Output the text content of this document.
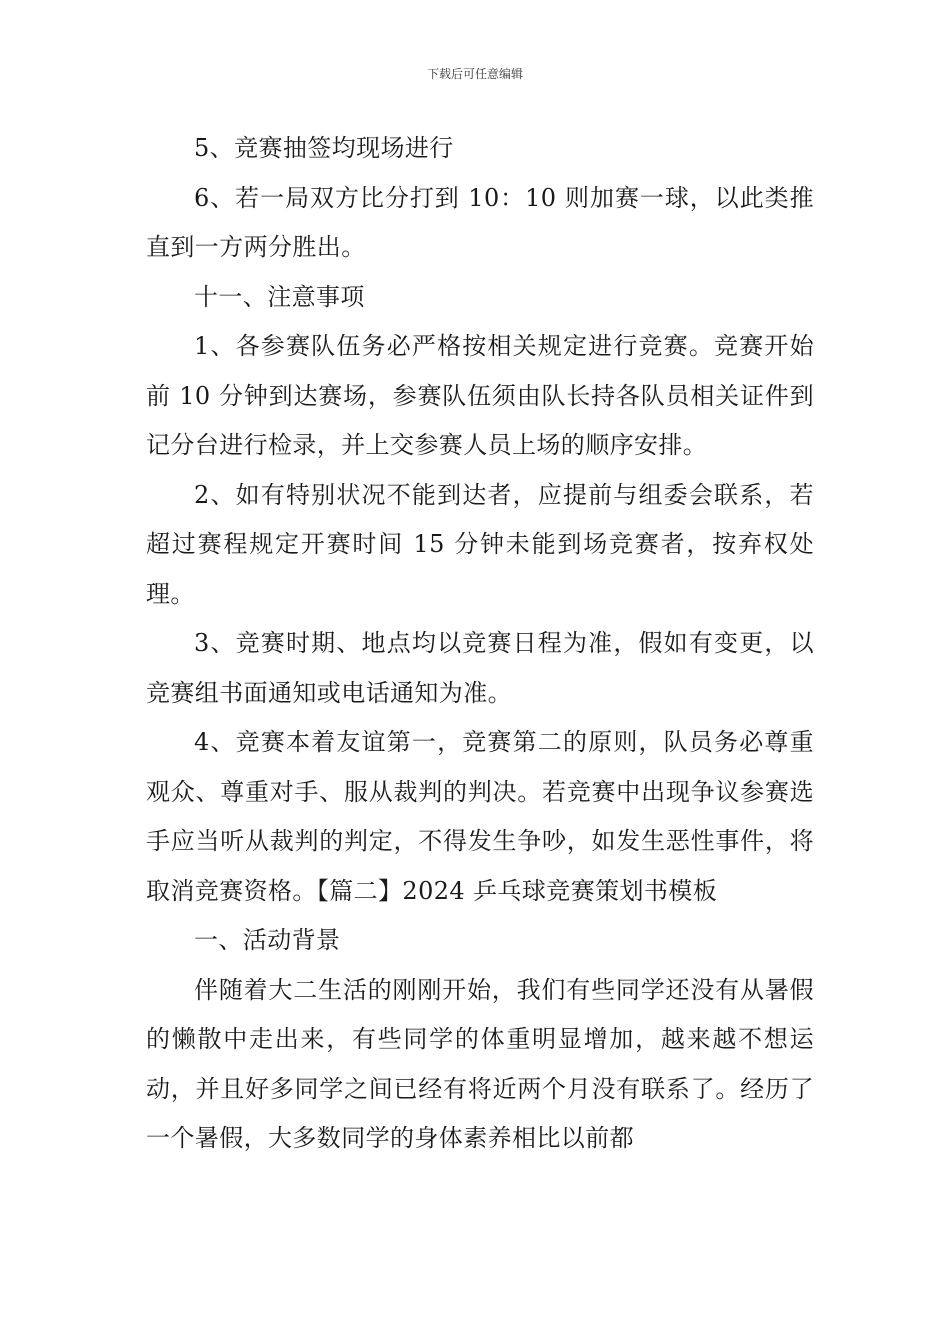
下载后可任意编辑

5、竞赛抽签均现场进行

6、若一局双方比分打到 10：10 则加赛一球，以此类推直到一方两分胜出。

十一、注意事项

1、各参赛队伍务必严格按相关规定进行竞赛。竞赛开始前 10 分钟到达赛场，参赛队伍须由队长持各队员相关证件到记分台进行检录，并上交参赛人员上场的顺序安排。

2、如有特别状况不能到达者，应提前与组委会联系，若超过赛程规定开赛时间 15 分钟未能到场竞赛者，按弃权处理。

3、竞赛时期、地点均以竞赛日程为准，假如有变更，以竞赛组书面通知或电话通知为准。

4、竞赛本着友谊第一，竞赛第二的原则，队员务必尊重观众、尊重对手、服从裁判的判决。若竞赛中出现争议参赛选手应当听从裁判的判定，不得发生争吵，如发生恶性事件，将取消竞赛资格。【篇二】2024 乒乓球竞赛策划书模板

一、活动背景

伴随着大二生活的刚刚开始，我们有些同学还没有从暑假的懒散中走出来，有些同学的体重明显增加，越来越不想运动，并且好多同学之间已经有将近两个月没有联系了。经历了一个暑假，大多数同学的身体素养相比以前都
